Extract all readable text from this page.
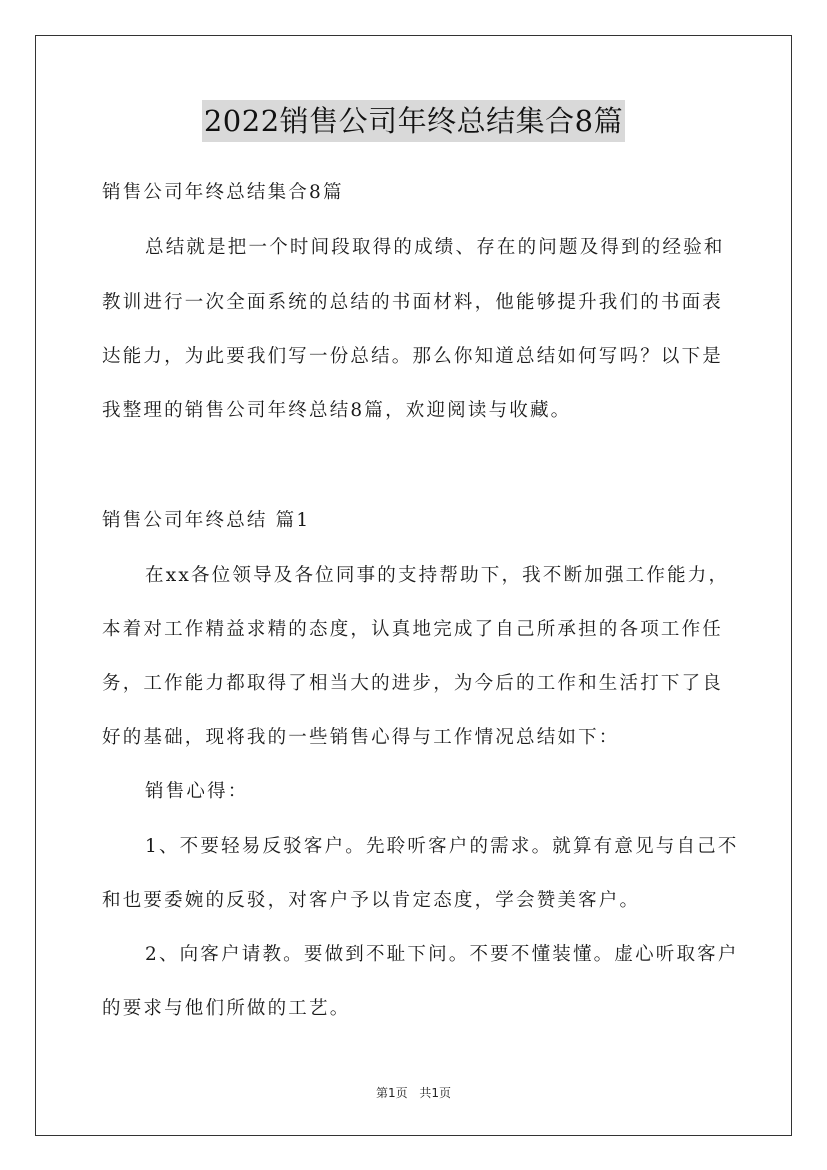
2022销售公司年终总结集合8篇
销售公司年终总结集合8篇
总结就是把一个时间段取得的成绩、存在的问题及得到的经验和
教训进行一次全面系统的总结的书面材料，他能够提升我们的书面表
达能力，为此要我们写一份总结。那么你知道总结如何写吗？以下是
我整理的销售公司年终总结8篇，欢迎阅读与收藏。
销售公司年终总结 篇1
在xx各位领导及各位同事的支持帮助下，我不断加强工作能力，
本着对工作精益求精的态度，认真地完成了自己所承担的各项工作任
务，工作能力都取得了相当大的进步，为今后的工作和生活打下了良
好的基础，现将我的一些销售心得与工作情况总结如下：
销售心得：
1、不要轻易反驳客户。先聆听客户的需求。就算有意见与自己不
和也要委婉的反驳，对客户予以肯定态度，学会赞美客户。
2、向客户请教。要做到不耻下问。不要不懂装懂。虚心听取客户
的要求与他们所做的工艺。
第1页 共1页
